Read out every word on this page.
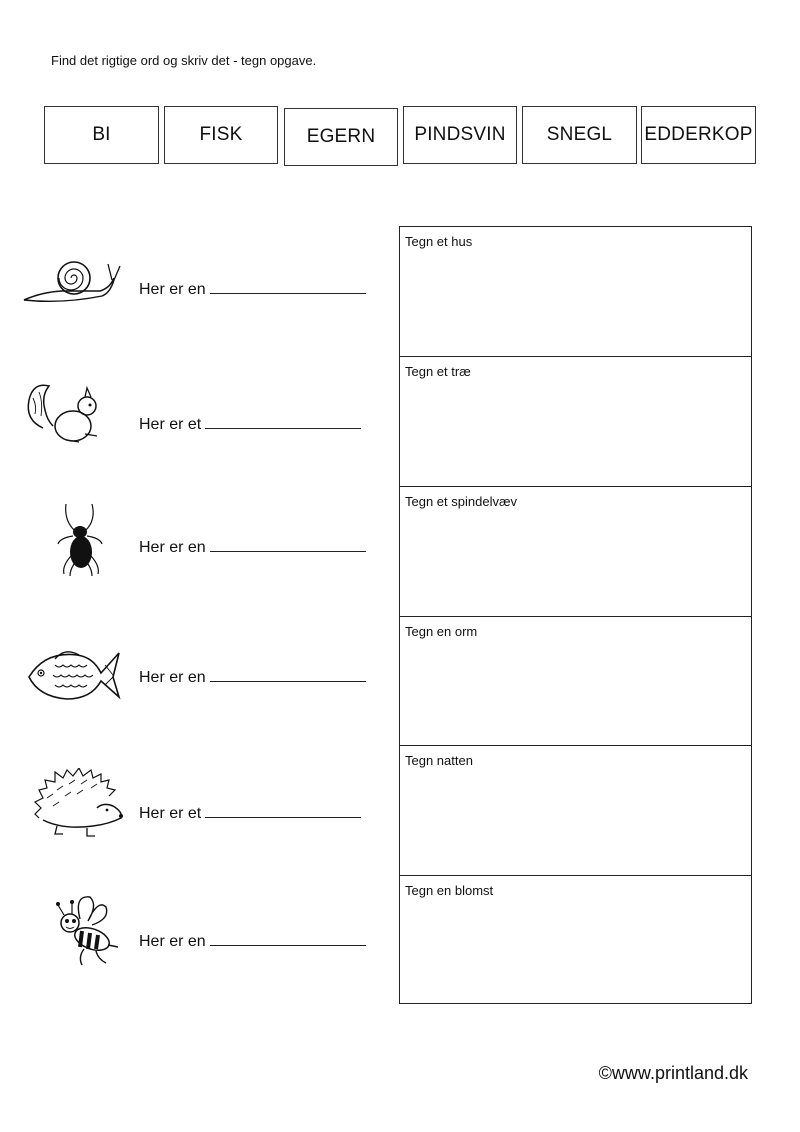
Find det rigtige ord og skriv det - tegn opgave.
BI	FISK	EGERN	PINDSVIN	SNEGL	EDDERKOP
Her er en
Her er et
Her er en
Her er en
Her er et
Her er en
Tegn et hus
Tegn et træ
Tegn et spindelvæv
Tegn en orm
Tegn natten
Tegn en blomst
©www.printland.dk
